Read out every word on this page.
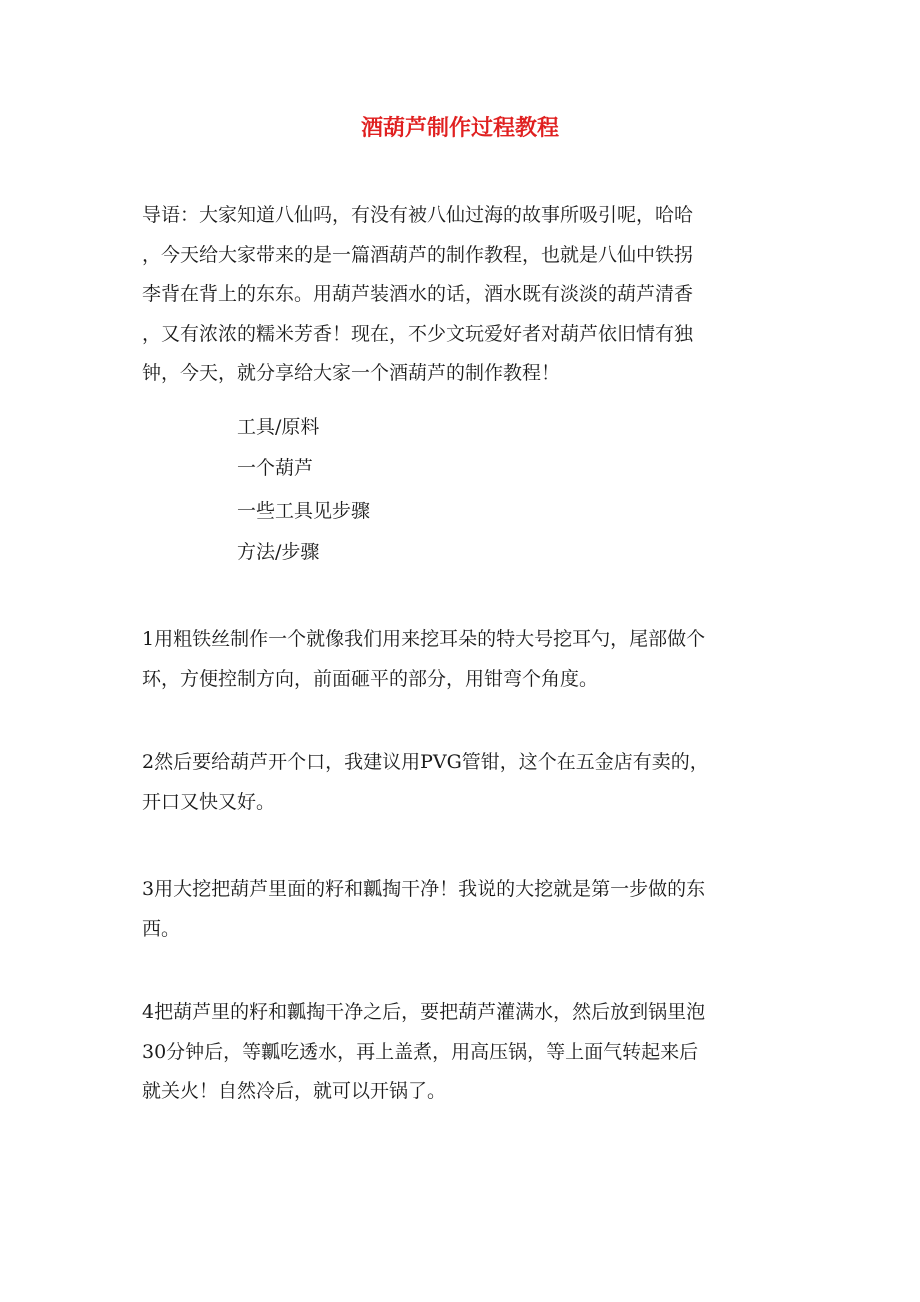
酒葫芦制作过程教程

导语：大家知道八仙吗，有没有被八仙过海的故事所吸引呢，哈哈
，今天给大家带来的是一篇酒葫芦的制作教程，也就是八仙中铁拐
李背在背上的东东。用葫芦装酒水的话，酒水既有淡淡的葫芦清香
，又有浓浓的糯米芳香！现在，不少文玩爱好者对葫芦依旧情有独
钟，今天，就分享给大家一个酒葫芦的制作教程！

工具/原料

一个葫芦

一些工具见步骤

方法/步骤

1用粗铁丝制作一个就像我们用来挖耳朵的特大号挖耳勺，尾部做个
环，方便控制方向，前面砸平的部分，用钳弯个角度。

2然后要给葫芦开个口，我建议用PVG管钳，这个在五金店有卖的，
开口又快又好。

3用大挖把葫芦里面的籽和瓤掏干净！我说的大挖就是第一步做的东
西。

4把葫芦里的籽和瓤掏干净之后，要把葫芦灌满水，然后放到锅里泡
30分钟后，等瓤吃透水，再上盖煮，用高压锅，等上面气转起来后
就关火！自然冷后，就可以开锅了。
